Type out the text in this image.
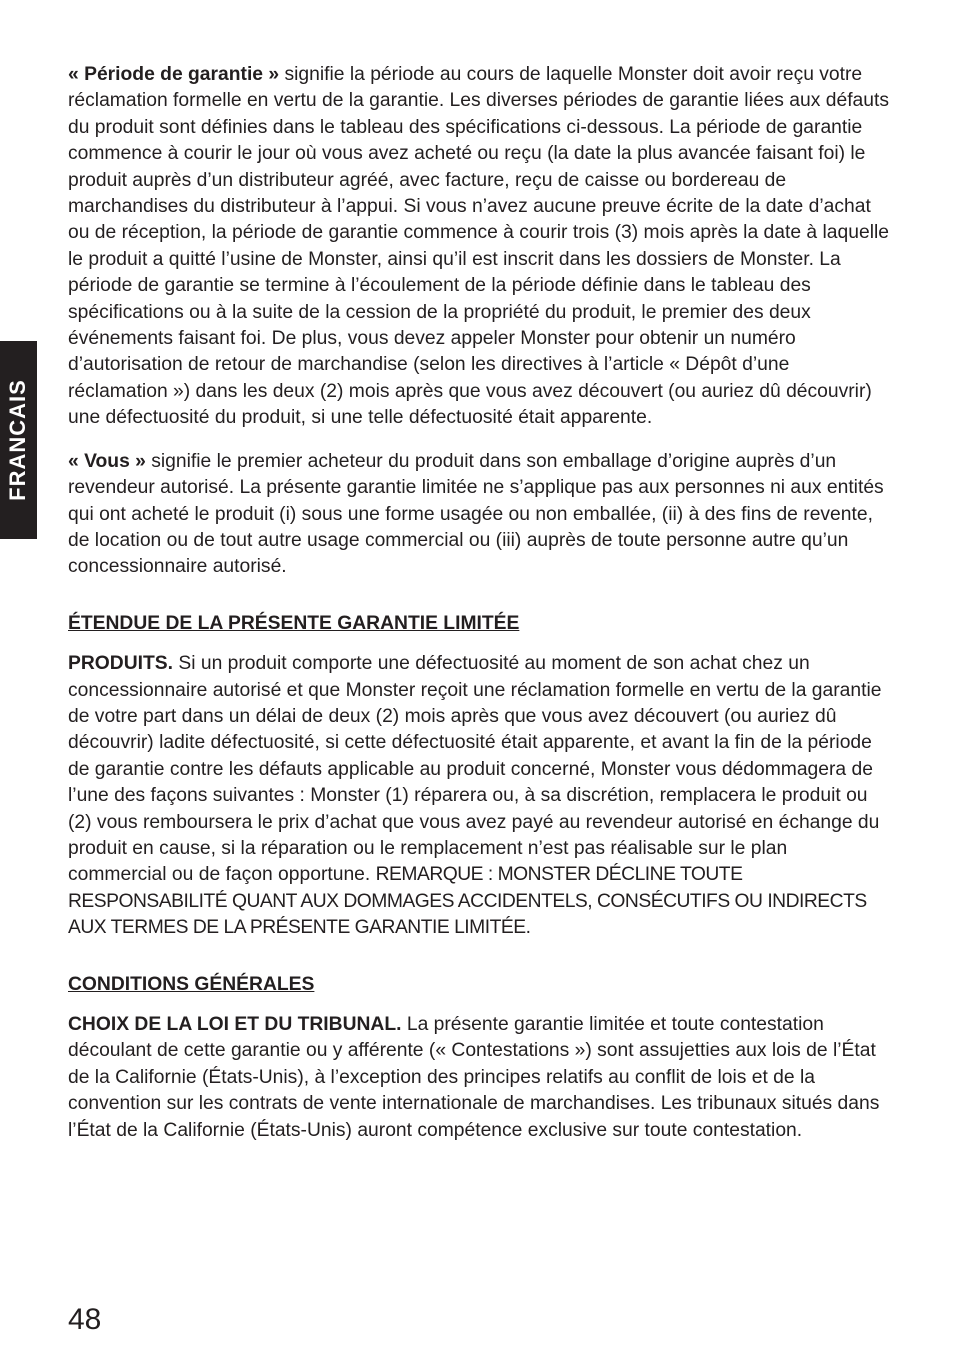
FRANCAIS

« Période de garantie » signifie la période au cours de laquelle Monster doit avoir reçu votre réclamation formelle en vertu de la garantie. Les diverses périodes de garantie liées aux défauts du produit sont définies dans le tableau des spécifications ci-dessous. La période de garantie commence à courir le jour où vous avez acheté ou reçu (la date la plus avancée faisant foi) le produit auprès d’un distributeur agréé, avec facture, reçu de caisse ou bordereau de marchandises du distributeur à l’appui. Si vous n’avez aucune preuve écrite de la date d’achat ou de réception, la période de garantie commence à courir trois (3) mois après la date à laquelle le produit a quitté l’usine de Monster, ainsi qu’il est inscrit dans les dossiers de Monster. La période de garantie se termine à l’écoulement de la période définie dans le tableau des spécifications ou à la suite de la cession de la propriété du produit, le premier des deux événements faisant foi. De plus, vous devez appeler Monster pour obtenir un numéro d’autorisation de retour de marchandise (selon les directives à l’article « Dépôt d’une réclamation ») dans les deux (2) mois après que vous avez découvert (ou auriez dû découvrir) une défectuosité du produit, si une telle défectuosité était apparente.

« Vous » signifie le premier acheteur du produit dans son emballage d’origine auprès d’un revendeur autorisé. La présente garantie limitée ne s’applique pas aux personnes ni aux entités qui ont acheté le produit (i) sous une forme usagée ou non emballée, (ii) à des fins de revente, de location ou de tout autre usage commercial ou (iii) auprès de toute personne autre qu’un concessionnaire autorisé.

ÉTENDUE DE LA PRÉSENTE GARANTIE LIMITÉE

PRODUITS. Si un produit comporte une défectuosité au moment de son achat chez un concessionnaire autorisé et que Monster reçoit une réclamation formelle en vertu de la garantie de votre part dans un délai de deux (2) mois après que vous avez découvert (ou auriez dû découvrir) ladite défectuosité, si cette défectuosité était apparente, et avant la fin de la période de garantie contre les défauts applicable au produit concerné, Monster vous dédommagera de l’une des façons suivantes : Monster (1) réparera ou, à sa discrétion, remplacera le produit ou (2) vous remboursera le prix d’achat que vous avez payé au revendeur autorisé en échange du produit en cause, si la réparation ou le remplacement n’est pas réalisable sur le plan commercial ou de façon opportune. REMARQUE : MONSTER DÉCLINE TOUTE RESPONSABILITÉ QUANT AUX DOMMAGES ACCIDENTELS, CONSÉCUTIFS OU INDIRECTS AUX TERMES DE LA PRÉSENTE GARANTIE LIMITÉE.

CONDITIONS GÉNÉRALES

CHOIX DE LA LOI ET DU TRIBUNAL. La présente garantie limitée et toute contestation découlant de cette garantie ou y afférente (« Contestations ») sont assujetties aux lois de l’État de la Californie (États-Unis), à l’exception des principes relatifs au conflit de lois et de la convention sur les contrats de vente internationale de marchandises. Les tribunaux situés dans l’État de la Californie (États-Unis) auront compétence exclusive sur toute contestation.

48
